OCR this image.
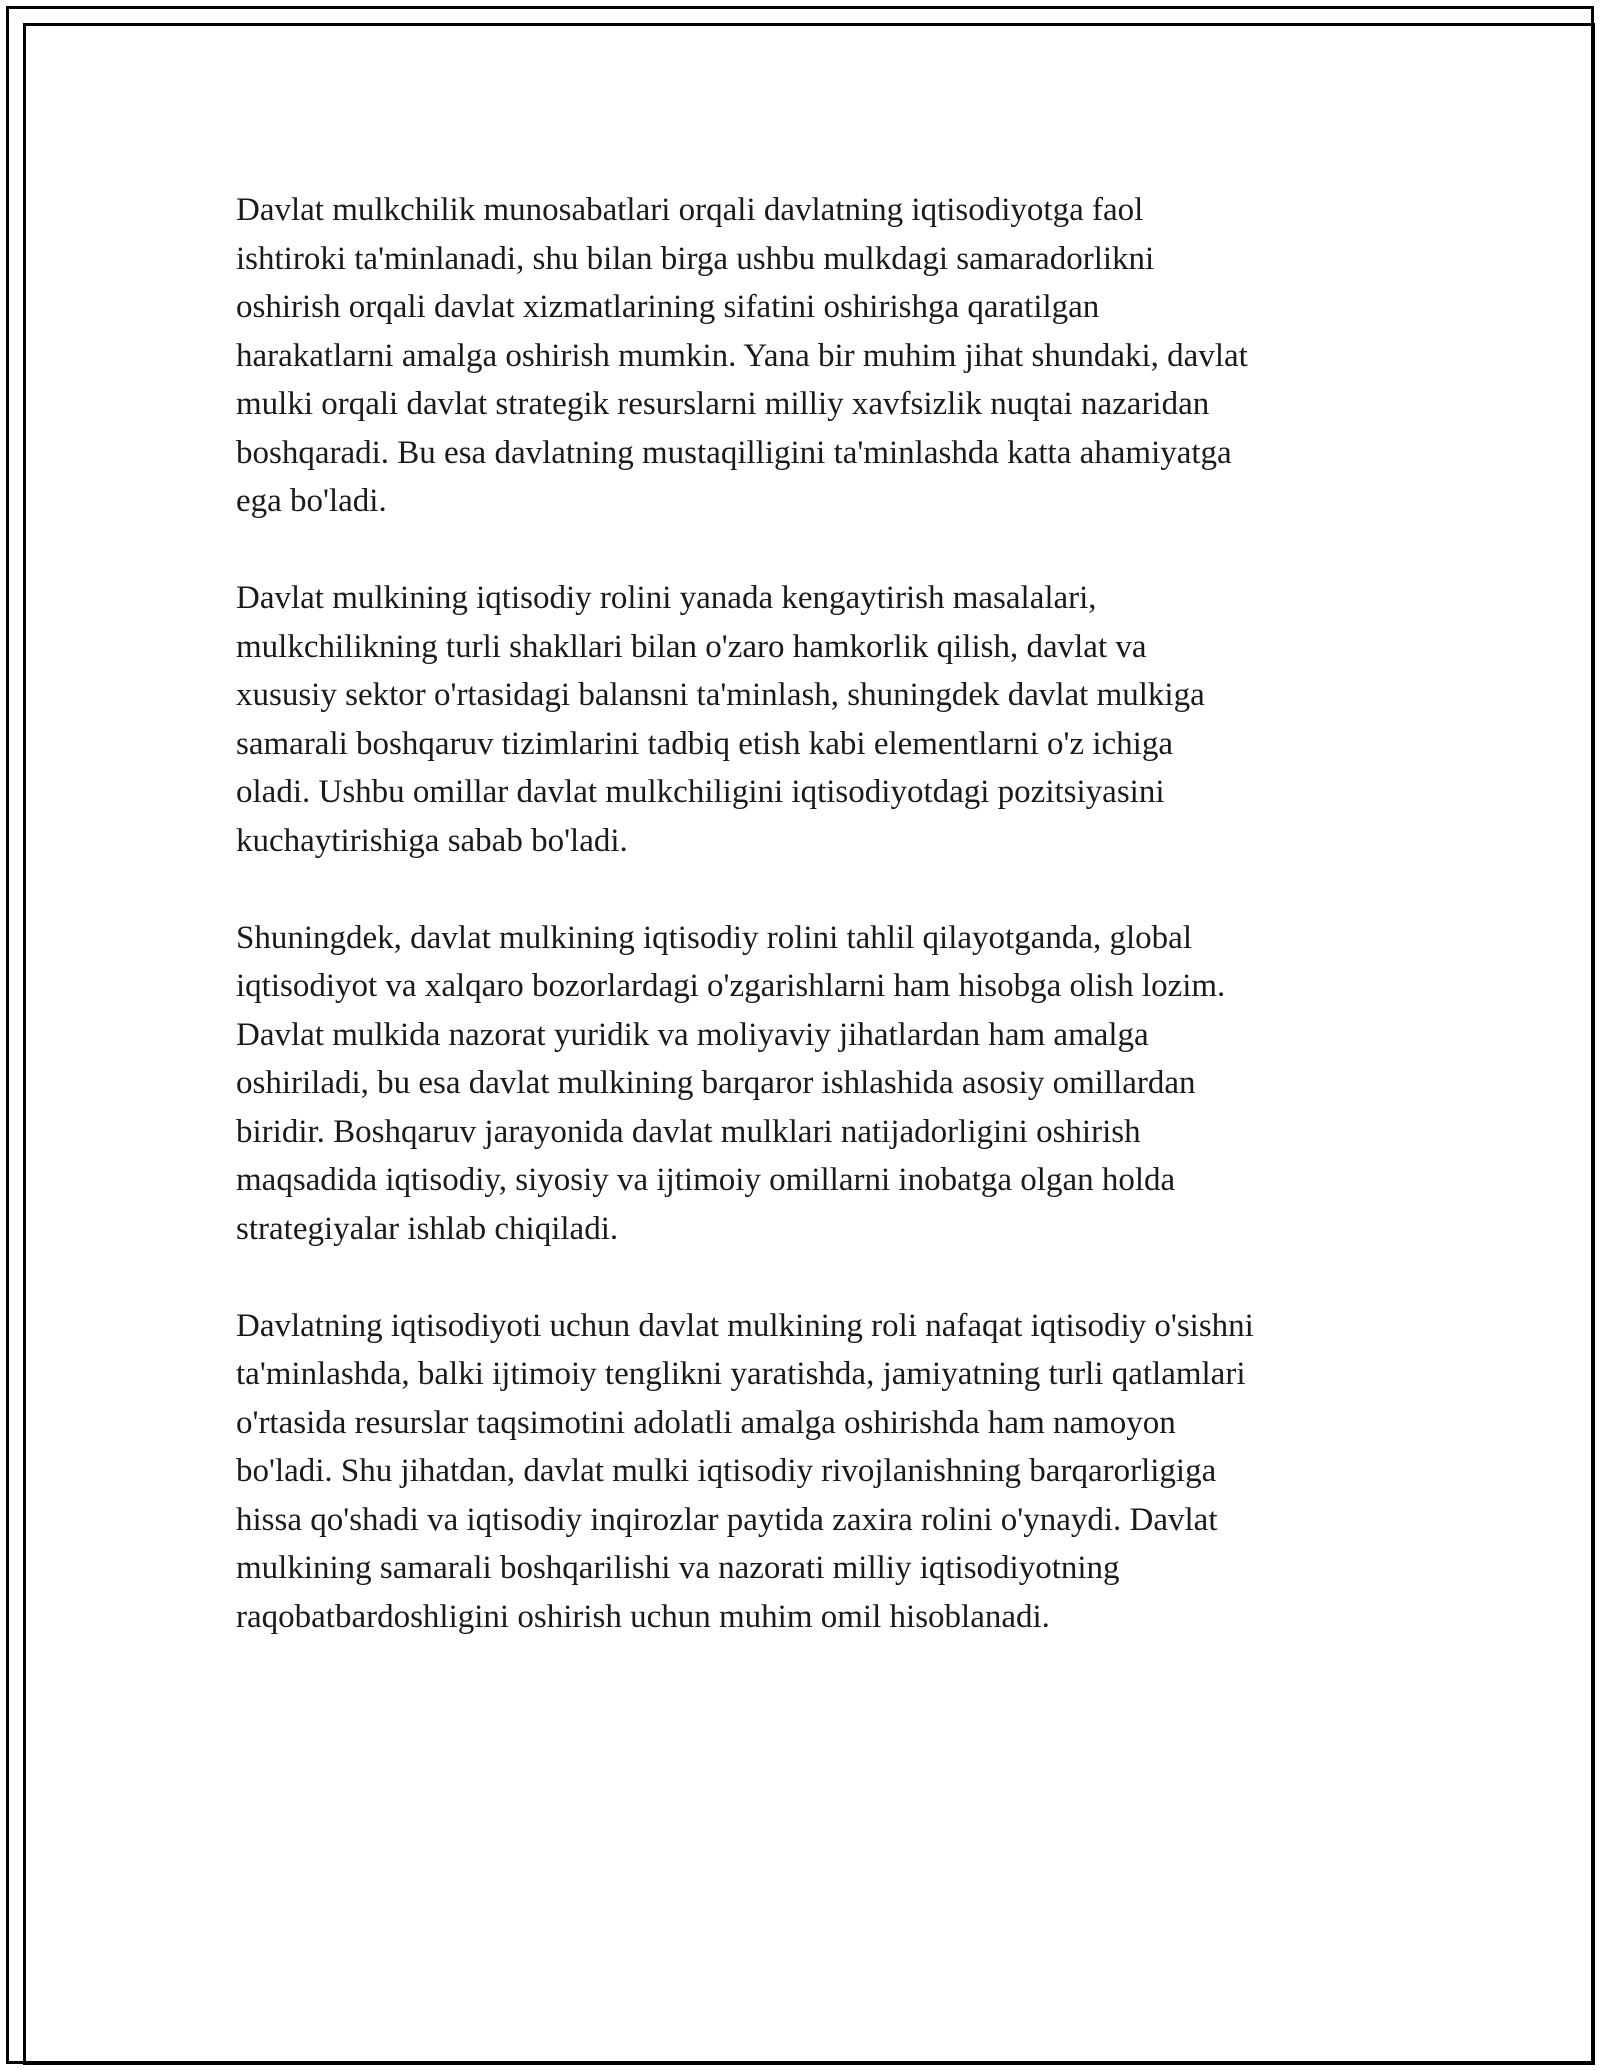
Davlat mulkchilik munosabatlari orqali davlatning iqtisodiyotga faol
ishtiroki ta'minlanadi, shu bilan birga ushbu mulkdagi samaradorlikni
oshirish orqali davlat xizmatlarining sifatini oshirishga qaratilgan
harakatlarni amalga oshirish mumkin. Yana bir muhim jihat shundaki, davlat
mulki orqali davlat strategik resurslarni milliy xavfsizlik nuqtai nazaridan
boshqaradi. Bu esa davlatning mustaqilligini ta'minlashda katta ahamiyatga
ega bo'ladi.

Davlat mulkining iqtisodiy rolini yanada kengaytirish masalalari,
mulkchilikning turli shakllari bilan o'zaro hamkorlik qilish, davlat va
xususiy sektor o'rtasidagi balansni ta'minlash, shuningdek davlat mulkiga
samarali boshqaruv tizimlarini tadbiq etish kabi elementlarni o'z ichiga
oladi. Ushbu omillar davlat mulkchiligini iqtisodiyotdagi pozitsiyasini
kuchaytirishiga sabab bo'ladi.

Shuningdek, davlat mulkining iqtisodiy rolini tahlil qilayotganda, global
iqtisodiyot va xalqaro bozorlardagi o'zgarishlarni ham hisobga olish lozim.
Davlat mulkida nazorat yuridik va moliyaviy jihatlardan ham amalga
oshiriladi, bu esa davlat mulkining barqaror ishlashida asosiy omillardan
biridir. Boshqaruv jarayonida davlat mulklari natijadorligini oshirish
maqsadida iqtisodiy, siyosiy va ijtimoiy omillarni inobatga olgan holda
strategiyalar ishlab chiqiladi.

Davlatning iqtisodiyoti uchun davlat mulkining roli nafaqat iqtisodiy o'sishni
ta'minlashda, balki ijtimoiy tenglikni yaratishda, jamiyatning turli qatlamlari
o'rtasida resurslar taqsimotini adolatli amalga oshirishda ham namoyon
bo'ladi. Shu jihatdan, davlat mulki iqtisodiy rivojlanishning barqarorligiga
hissa qo'shadi va iqtisodiy inqirozlar paytida zaxira rolini o'ynaydi. Davlat
mulkining samarali boshqarilishi va nazorati milliy iqtisodiyotning
raqobatbardoshligini oshirish uchun muhim omil hisoblanadi.
